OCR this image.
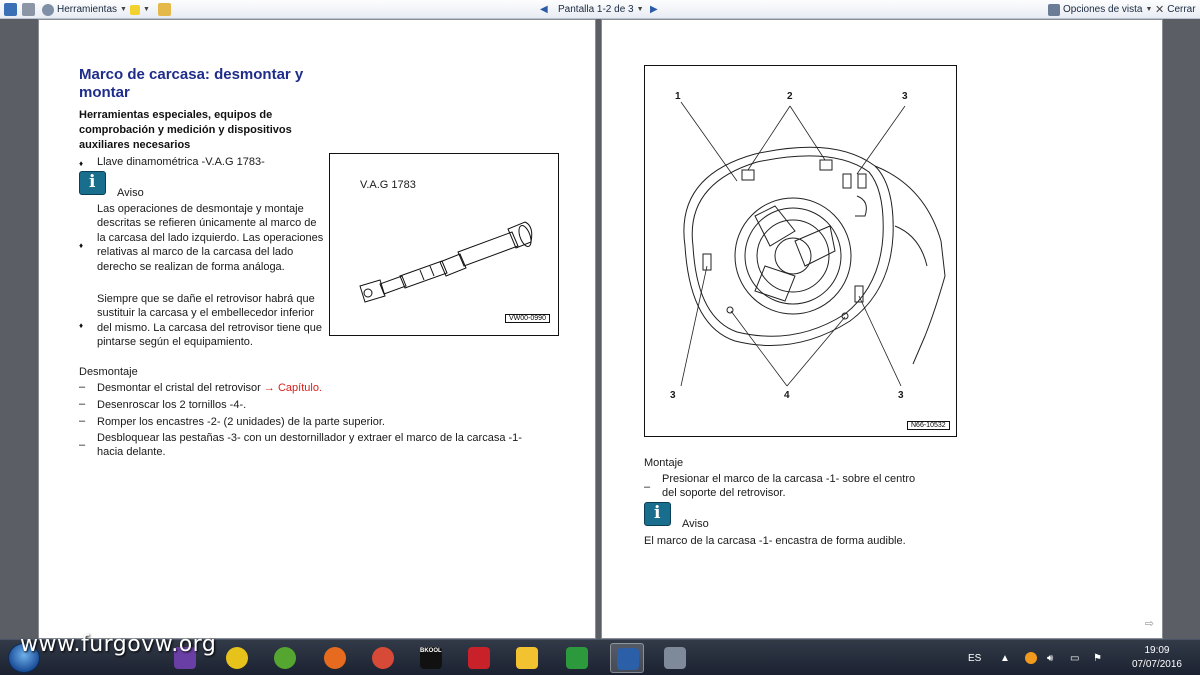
Herramientas ▼ ▼	◀ Pantalla 1-2 de 3 ▼ ▶	Opciones de vista ▼ ✕ Cerrar
Marco de carcasa: desmontar y montar
Herramientas especiales, equipos de comprobación y medición y dispositivos auxiliares necesarios
♦ Llave dinamométrica -V.A.G 1783-
i
Aviso
♦
Las operaciones de desmontaje y montaje descritas se refieren únicamente al marco de la carcasa del lado izquierdo. Las operaciones relativas al marco de la carcasa del lado derecho se realizan de forma análoga.
♦
Siempre que se dañe el retrovisor habrá que sustituir la carcasa y el embellecedor inferior del mismo. La carcasa del retrovisor tiene que pintarse según el equipamiento.
V.A.G 1783
VW00-0990
Desmontaje
– Desmontar el cristal del retrovisor → Capítulo.
– Desenroscar los 2 tornillos -4-.
– Romper los encastres -2- (2 unidades) de la parte superior.
–
Desbloquear las pestañas -3- con un destornillador y extraer el marco de la carcasa -1- hacia delante.
1	2	3
3	4	3
N66-10532
Montaje
–
Presionar el marco de la carcasa -1- sobre el centro del soporte del retrovisor.
i
Aviso
El marco de la carcasa -1- encastra de forma audible.
⇨
BKOOL
ES ▲	🔊︎ ▭ ⚑
19:09
07/07/2016
www.furgovw.org
